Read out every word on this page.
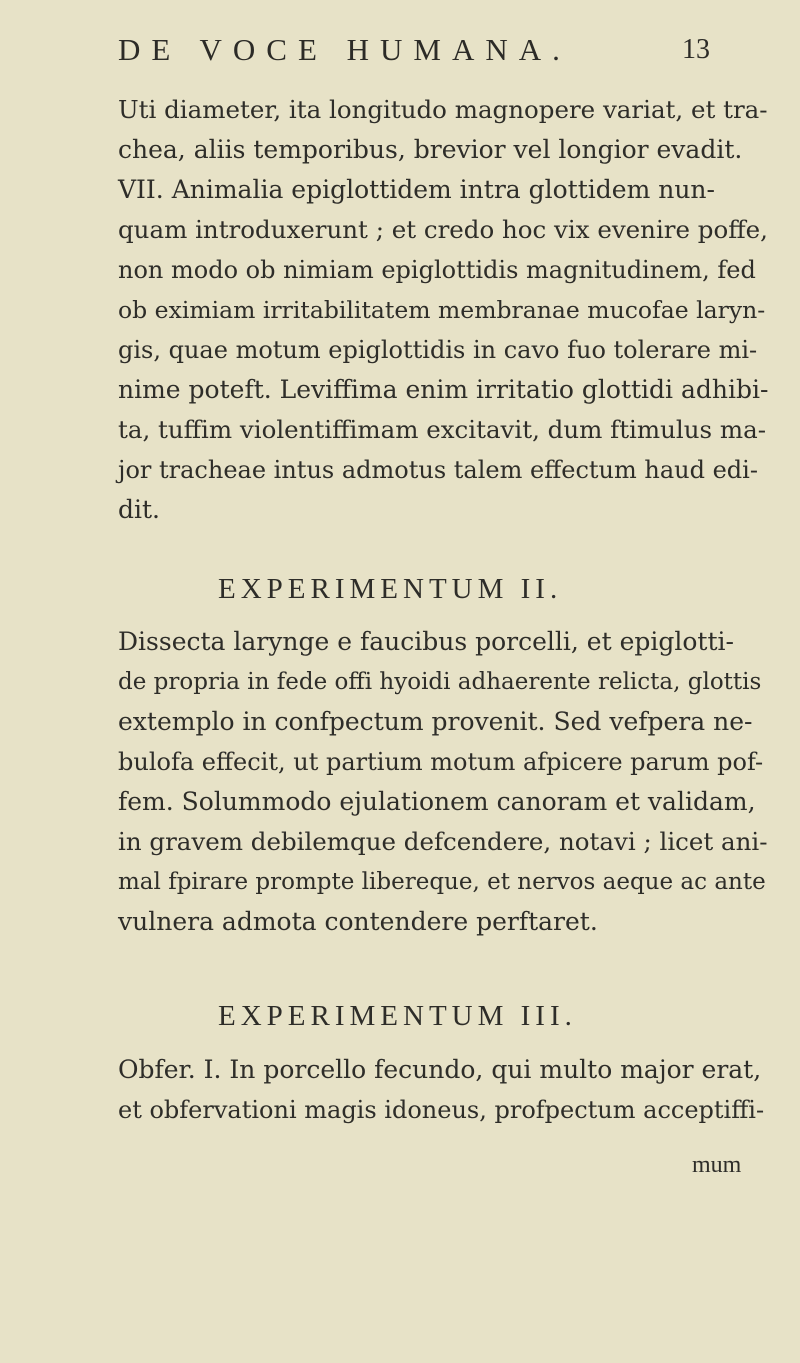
DE VOCE HUMANA.	13
Uti diameter, ita longitudo magnopere variat, et tra-
chea, aliis temporibus, brevior vel longior evadit.
VII. Animalia epiglottidem intra glottidem nun-
quam introduxerunt ; et credo hoc vix evenire poffe,
non modo ob nimiam epiglottidis magnitudinem, fed
ob eximiam irritabilitatem membranae mucofae laryn-
gis, quae motum epiglottidis in cavo fuo tolerare mi-
nime poteft. Leviffima enim irritatio glottidi adhibi-
ta, tuffim violentiffimam excitavit, dum ftimulus ma-
jor tracheae intus admotus talem effectum haud edi-
dit.
EXPERIMENTUM II.
Dissecta larynge e faucibus porcelli, et epiglotti-
de propria in fede offi hyoidi adhaerente relicta, glottis
extemplo in confpectum provenit. Sed vefpera ne-
bulofa effecit, ut partium motum afpicere parum pof-
fem. Solummodo ejulationem canoram et validam,
in gravem debilemque defcendere, notavi ; licet ani-
mal fpirare prompte libereque, et nervos aeque ac ante
vulnera admota contendere perftaret.
EXPERIMENTUM III.
Obfer. I. In porcello fecundo, qui multo major erat,
et obfervationi magis idoneus, profpectum acceptiffi-
mum
